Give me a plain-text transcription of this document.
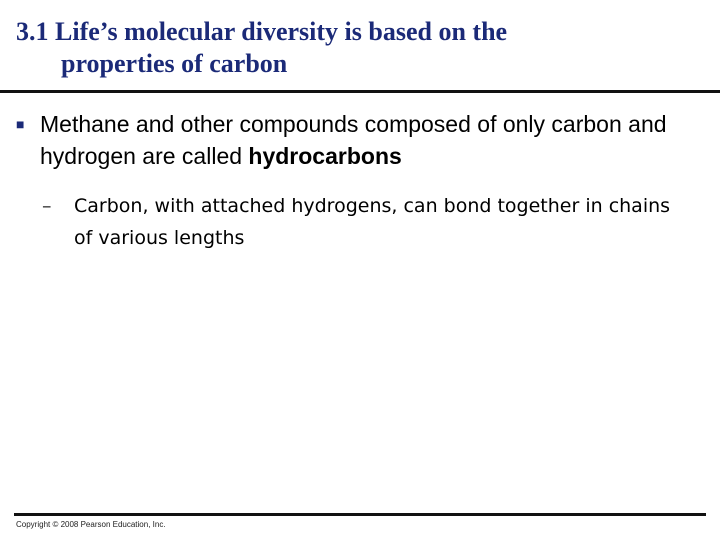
3.1 Life’s molecular diversity is based on the
properties of carbon
■ Methane and other compounds composed of only carbon and hydrogen are called hydrocarbons
–	Carbon, with attached hydrogens, can bond together in chains of various lengths
Copyright © 2008 Pearson Education, Inc.
